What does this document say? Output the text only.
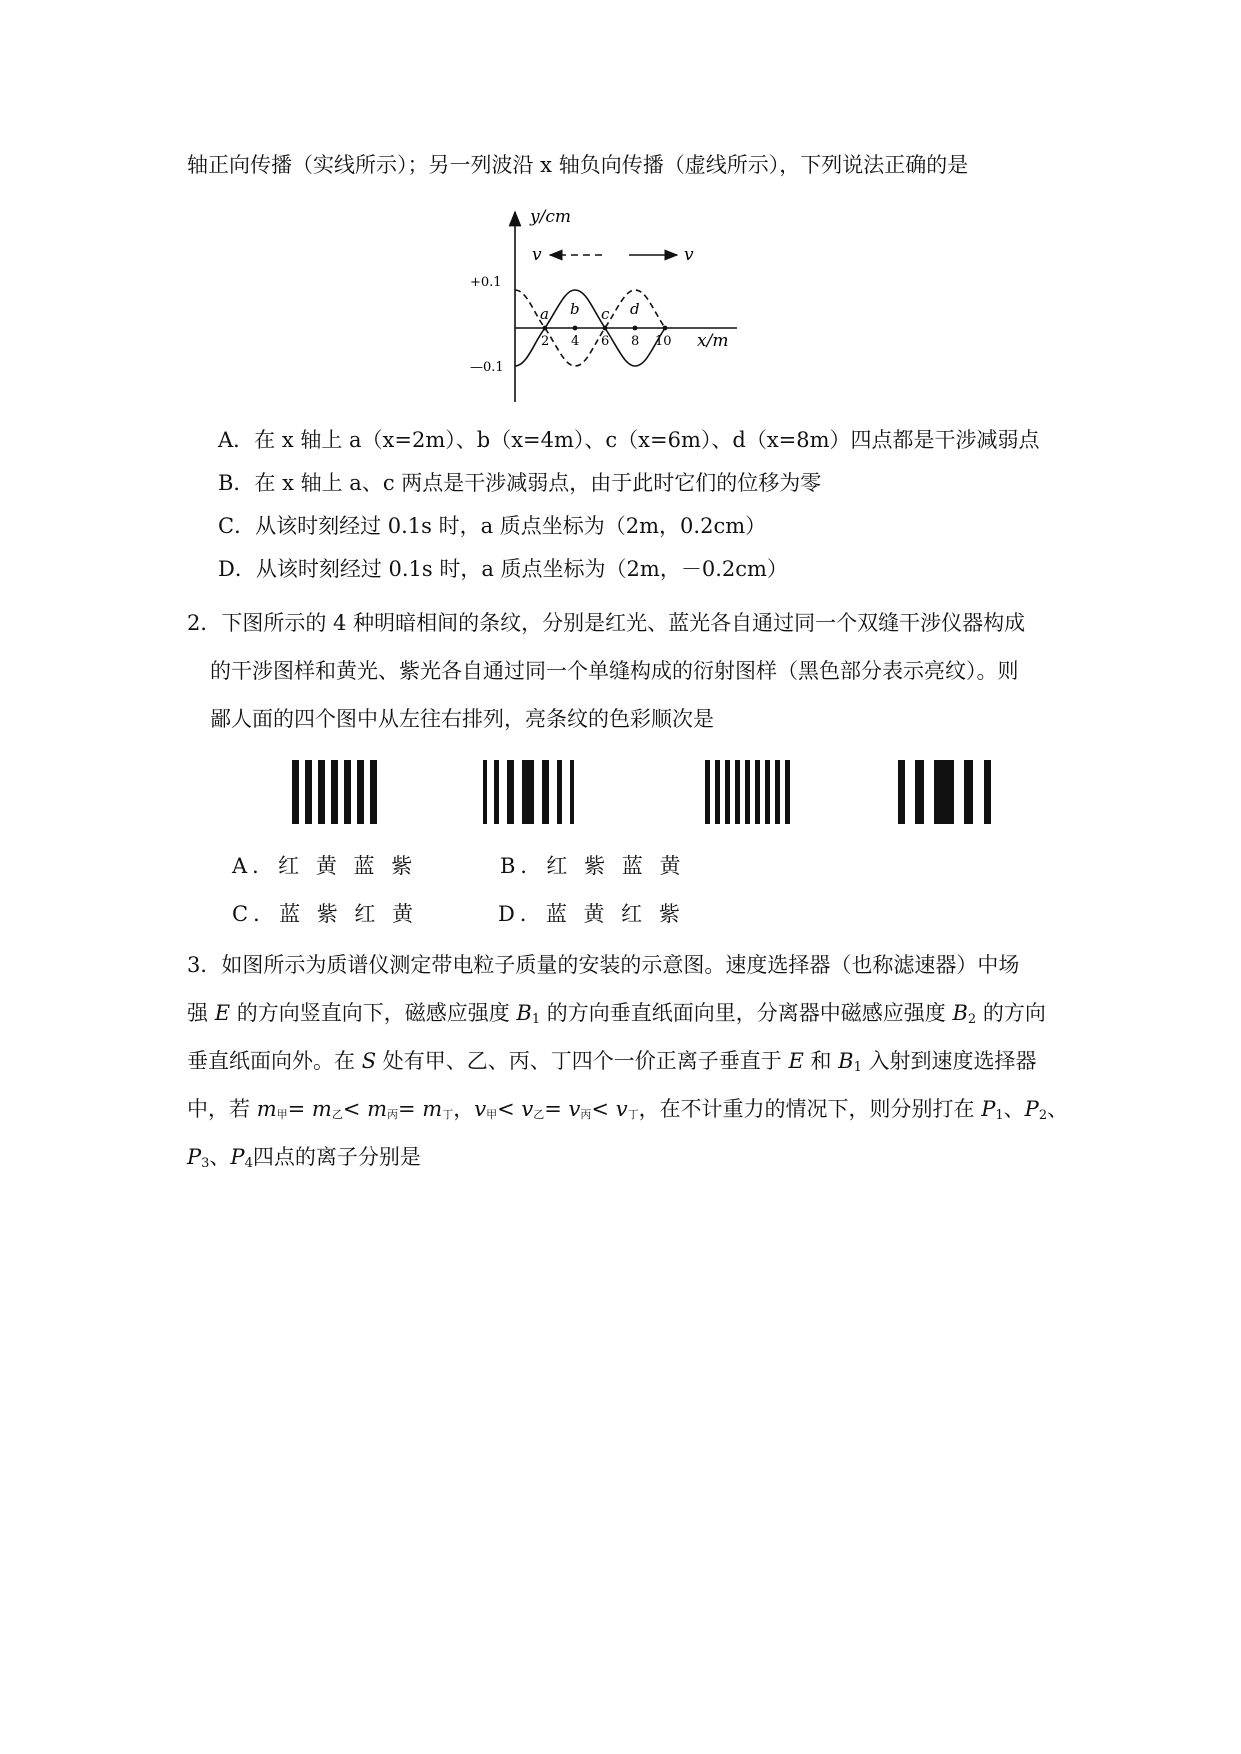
轴正向传播（实线所示）；另一列波沿 x 轴负向传播（虚线所示），下列说法正确的是
y/cm
x/m
+0.1
—0.1
v	v
2 4 6 8 10
a b c d
A．在 x 轴上 a（x=2m）、b（x=4m）、c（x=6m）、d（x=8m）四点都是干涉减弱点
B．在 x 轴上 a、c 两点是干涉减弱点，由于此时它们的位移为零
C．从该时刻经过 0.1s 时，a 质点坐标为（2m，0.2cm）
D．从该时刻经过 0.1s 时，a 质点坐标为（2m，－0.2cm）
2．下图所示的 4 种明暗相间的条纹，分别是红光、蓝光各自通过同一个双缝干涉仪器构成
的干涉图样和黄光、紫光各自通过同一个单缝构成的衍射图样（黑色部分表示亮纹）。则
鄙人面的四个图中从左往右排列，亮条纹的色彩顺次是
A．红 黄 蓝 紫	B．红 紫 蓝 黄
C．蓝 紫 红 黄	D．蓝 黄 红 紫
3．如图所示为质谱仪测定带电粒子质量的安装的示意图。速度选择器（也称滤速器）中场
强 E 的方向竖直向下，磁感应强度 $B_1$ 的方向垂直纸面向里，分离器中磁感应强度 $B_2$ 的方向
垂直纸面向外。在 S 处有甲、乙、丙、丁四个一价正离子垂直于 E 和 $B_1$ 入射到速度选择器
中，若 m甲= m乙< m丙= m丁，v甲< v乙= v丙< v丁，在不计重力的情况下，则分别打在 $P_1$、$P_2$、
$P_3$、$P_4$四点的离子分别是
